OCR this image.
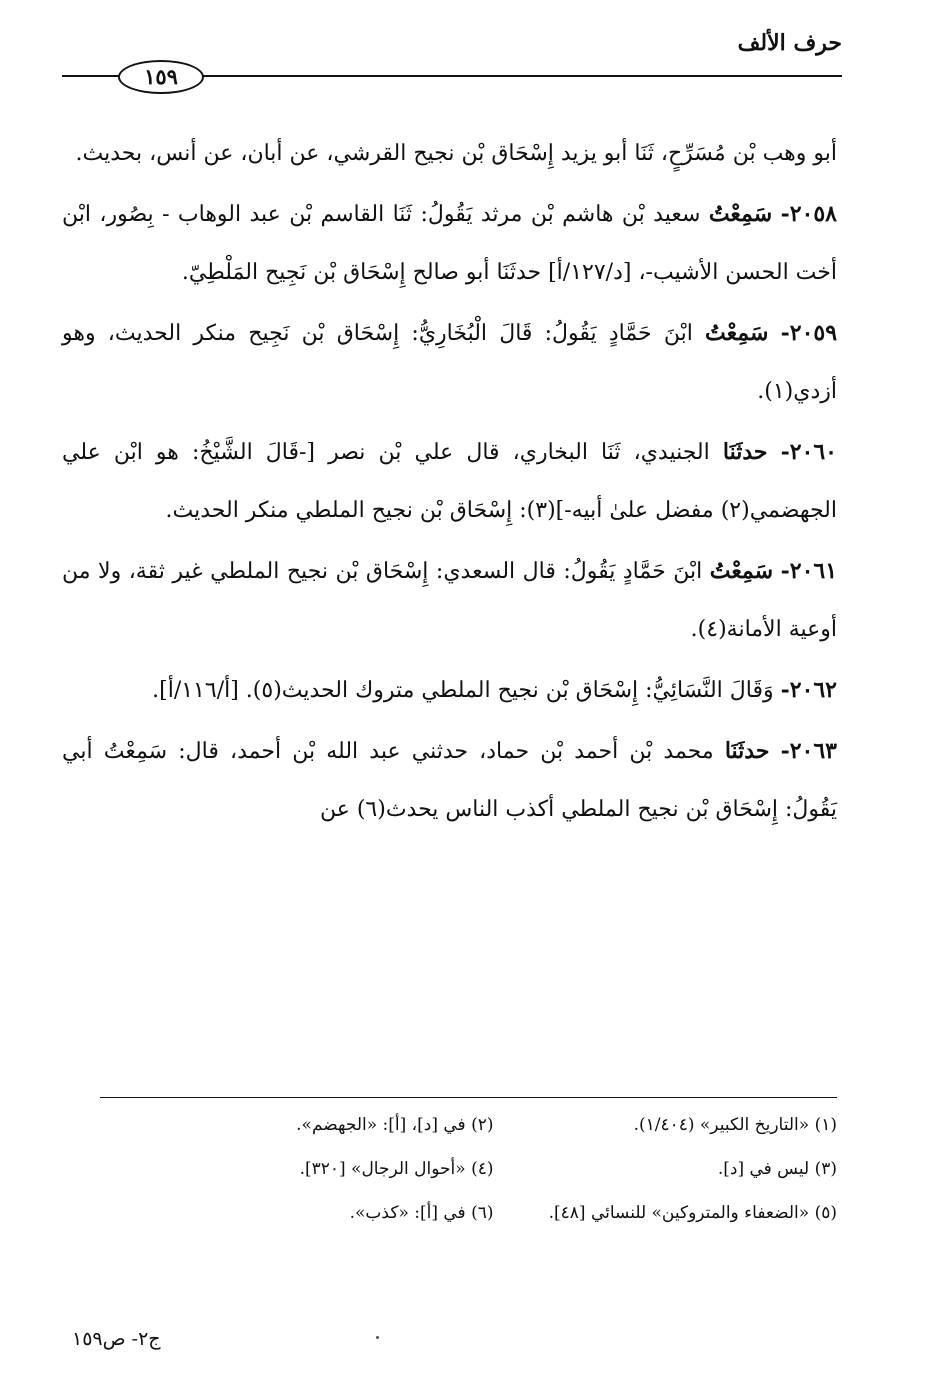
حرف الألف
١٥٩

أبو وهب بْن مُسَرِّحٍ، ثَنَا أبو يزيد إِسْحَاق بْن نجيح القرشي، عن أبان، عن أنس، بحديث.

٢٠٥٨- سَمِعْتُ سعيد بْن هاشم بْن مرثد يَقُولُ: ثَنَا القاسم بْن عبد الوهاب - بِصُور، ابْن أخت الحسن الأشيب-، [د/١٢٧/أ] حدثَنَا أبو صالح إِسْحَاق بْن نَجِيح المَلْطِيّ.

٢٠٥٩- سَمِعْتُ ابْنَ حَمَّادٍ يَقُولُ: قَالَ الْبُخَارِيُّ: إِسْحَاق بْن نَجِيح منكر الحديث، وهو أزدي(١).

٢٠٦٠- حدثَنَا الجنيدي، ثَنَا البخاري، قال علي بْن نصر [-قَالَ الشَّيْخُ: هو ابْن علي الجهضمي(٢) مفضل علىٰ أبيه-](٣): إِسْحَاق بْن نجيح الملطي منكر الحديث.

٢٠٦١- سَمِعْتُ ابْنَ حَمَّادٍ يَقُولُ: قال السعدي: إِسْحَاق بْن نجيح الملطي غير ثقة، ولا من أوعية الأمانة(٤).

٢٠٦٢- وَقَالَ النَّسَائِيُّ: إِسْحَاق بْن نجيح الملطي متروك الحديث(٥). [أ/١١٦/أ].

٢٠٦٣- حدثَنَا محمد بْن أحمد بْن حماد، حدثني عبد الله بْن أحمد، قال: سَمِعْتُ أبي يَقُولُ: إِسْحَاق بْن نجيح الملطي أكذب الناس يحدث(٦) عن

(١) «التاريخ الكبير» (١/٤٠٤).
(٢) في [د]، [أ]: «الجهضم».
(٣) ليس في [د].
(٤) «أحوال الرجال» [٣٢٠].
(٥) «الضعفاء والمتروكين» للنسائي [٤٨].
(٦) في [أ]: «كذب».
ج٢- ص١٥٩
